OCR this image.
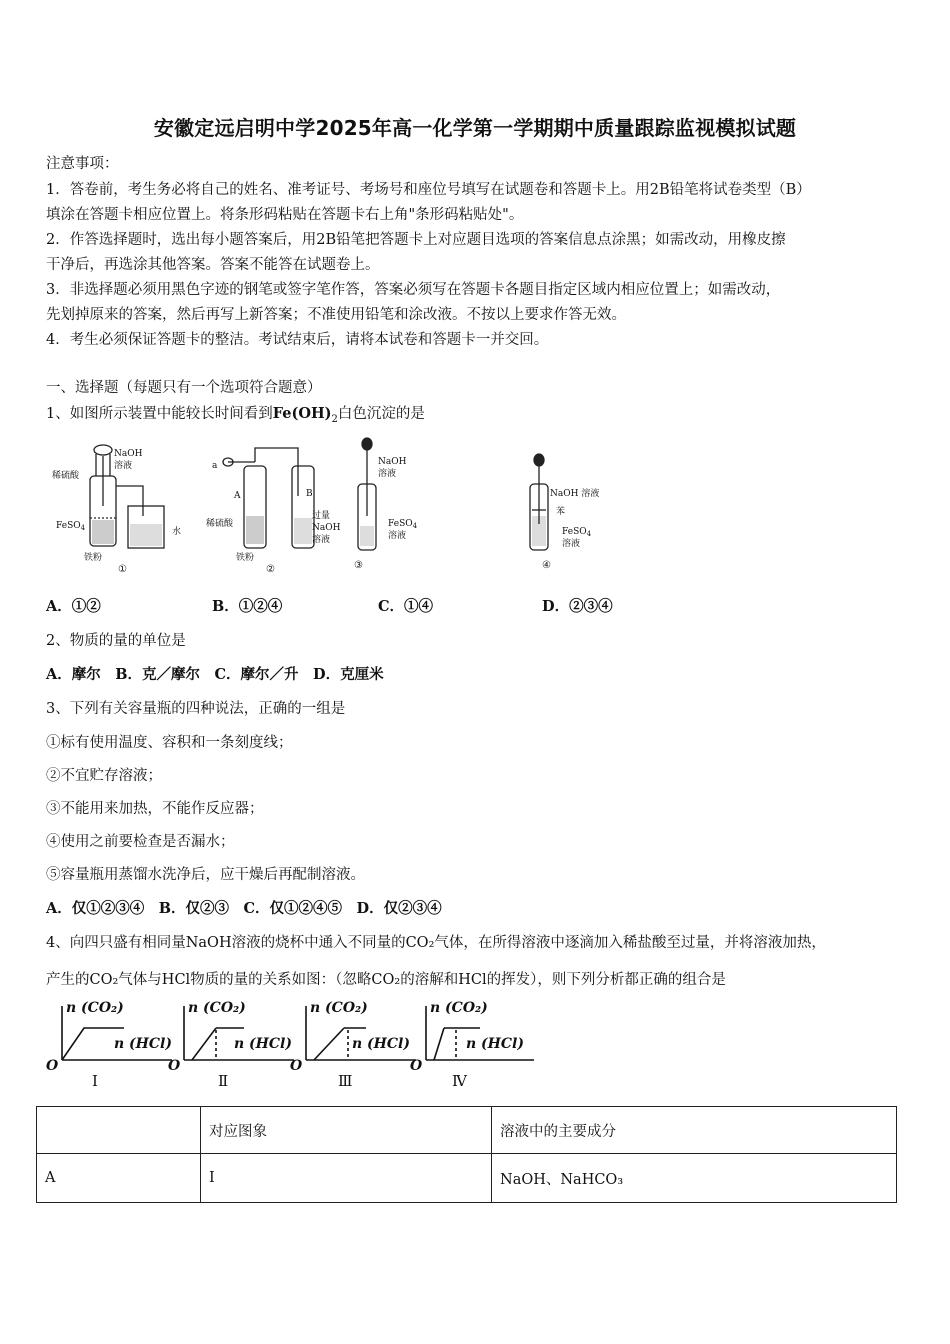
安徽定远启明中学2025年高一化学第一学期期中质量跟踪监视模拟试题
注意事项：
1．答卷前，考生务必将自己的姓名、准考证号、考场号和座位号填写在试题卷和答题卡上。用2B铅笔将试卷类型（B）
填涂在答题卡相应位置上。将条形码粘贴在答题卡右上角"条形码粘贴处"。
2．作答选择题时，选出每小题答案后，用2B铅笔把答题卡上对应题目选项的答案信息点涂黑；如需改动，用橡皮擦
干净后，再选涂其他答案。答案不能答在试题卷上。
3．非选择题必须用黑色字迹的钢笔或签字笔作答，答案必须写在答题卡各题目指定区域内相应位置上；如需改动，
先划掉原来的答案，然后再写上新答案；不准使用铅笔和涂改液。不按以上要求作答无效。
4．考生必须保证答题卡的整洁。考试结束后，请将本试卷和答题卡一并交回。
一、选择题（每题只有一个选项符合题意）
1、如图所示装置中能较长时间看到$Fe(OH)_2$白色沉淀的是
NaOH
溶液
稀硫酸
FeSO$_4$	水
铁粉
①
a
A	B
稀硫酸
过量
NaOH
溶液
铁粉
②
NaOH
溶液
FeSO$_4$
溶液
③
NaOH 溶液
苯
FeSO$_4$
溶液
④
A．①②	B．①②④	C．①④	D．②③④
2、物质的量的单位是
A．摩尔　B．克／摩尔　C．摩尔／升　D．克厘米
3、下列有关容量瓶的四种说法，正确的一组是
①标有使用温度、容积和一条刻度线；
②不宜贮存溶液；
③不能用来加热，不能作反应器；
④使用之前要检查是否漏水；
⑤容量瓶用蒸馏水洗净后，应干燥后再配制溶液。
A．仅①②③④　B．仅②③　C．仅①②④⑤　D．仅②③④
4、向四只盛有相同量NaOH溶液的烧杯中通入不同量的CO₂气体，在所得溶液中逐滴加入稀盐酸至过量，并将溶液加热，
产生的CO₂气体与HCl物质的量的关系如图：（忽略CO₂的溶解和HCl的挥发），则下列分析都正确的组合是
n (CO₂)
n (HCl)
O
n (CO₂)
n (HCl)
O
n (CO₂)
n (HCl)
O
n (CO₂)
n (HCl)
O
Ⅰ	Ⅱ	Ⅲ	Ⅳ
	对应图象	溶液中的主要成分
A	Ⅰ	NaOH、NaHCO₃
